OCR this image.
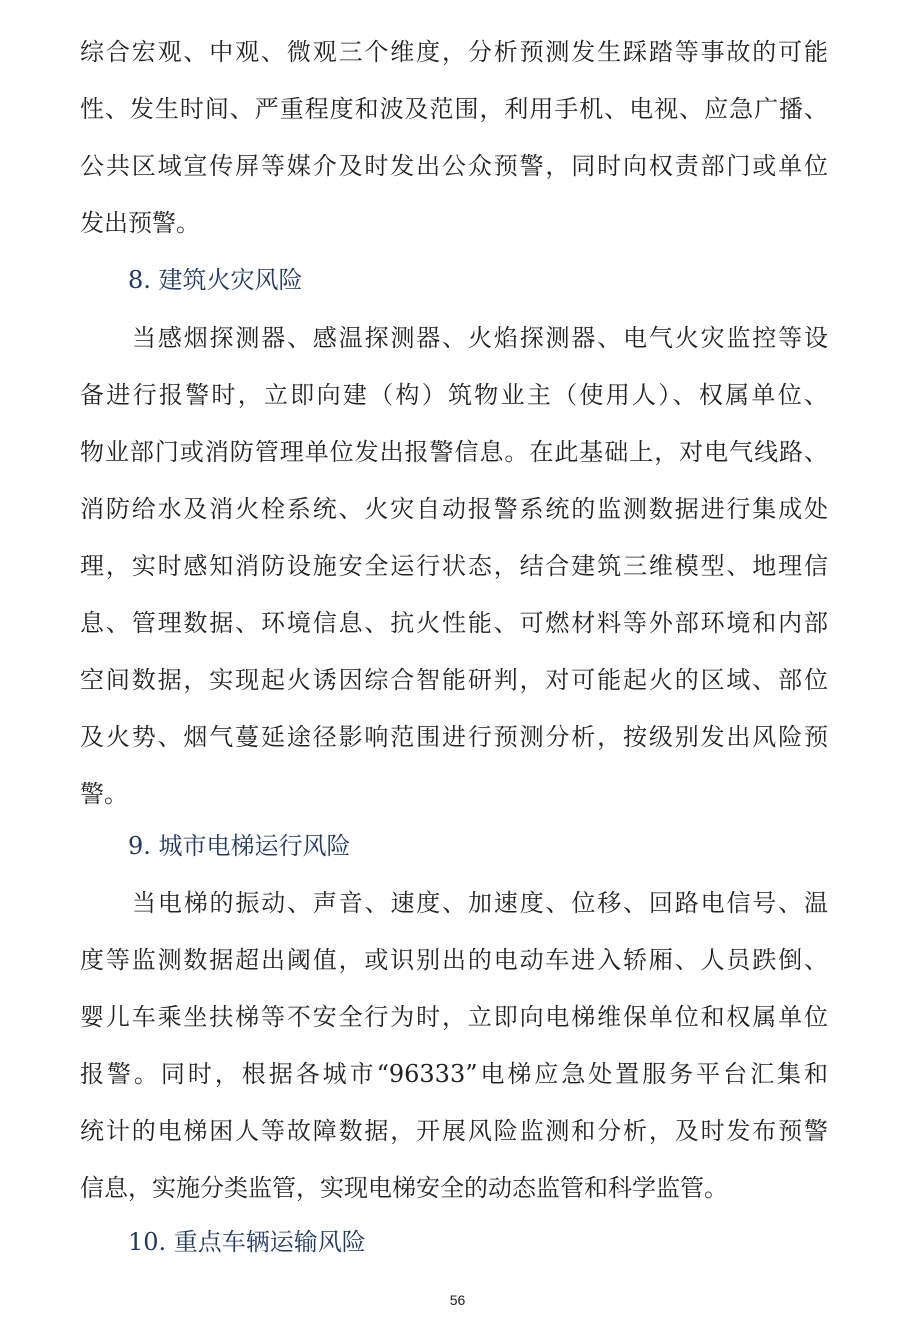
综合宏观、中观、微观三个维度，分析预测发生踩踏等事故的可能
性、发生时间、严重程度和波及范围，利用手机、电视、应急广播、
公共区域宣传屏等媒介及时发出公众预警，同时向权责部门或单位
发出预警。
8. 建筑火灾风险
当感烟探测器、感温探测器、火焰探测器、电气火灾监控等设
备进行报警时，立即向建（构）筑物业主（使用人）、权属单位、
物业部门或消防管理单位发出报警信息。在此基础上，对电气线路、
消防给水及消火栓系统、火灾自动报警系统的监测数据进行集成处
理，实时感知消防设施安全运行状态，结合建筑三维模型、地理信
息、管理数据、环境信息、抗火性能、可燃材料等外部环境和内部
空间数据，实现起火诱因综合智能研判，对可能起火的区域、部位
及火势、烟气蔓延途径影响范围进行预测分析，按级别发出风险预
警。
9. 城市电梯运行风险
当电梯的振动、声音、速度、加速度、位移、回路电信号、温
度等监测数据超出阈值，或识别出的电动车进入轿厢、人员跌倒、
婴儿车乘坐扶梯等不安全行为时，立即向电梯维保单位和权属单位
报警。同时，根据各城市“96333”电梯应急处置服务平台汇集和
统计的电梯困人等故障数据，开展风险监测和分析，及时发布预警
信息，实施分类监管，实现电梯安全的动态监管和科学监管。
10. 重点车辆运输风险
56
